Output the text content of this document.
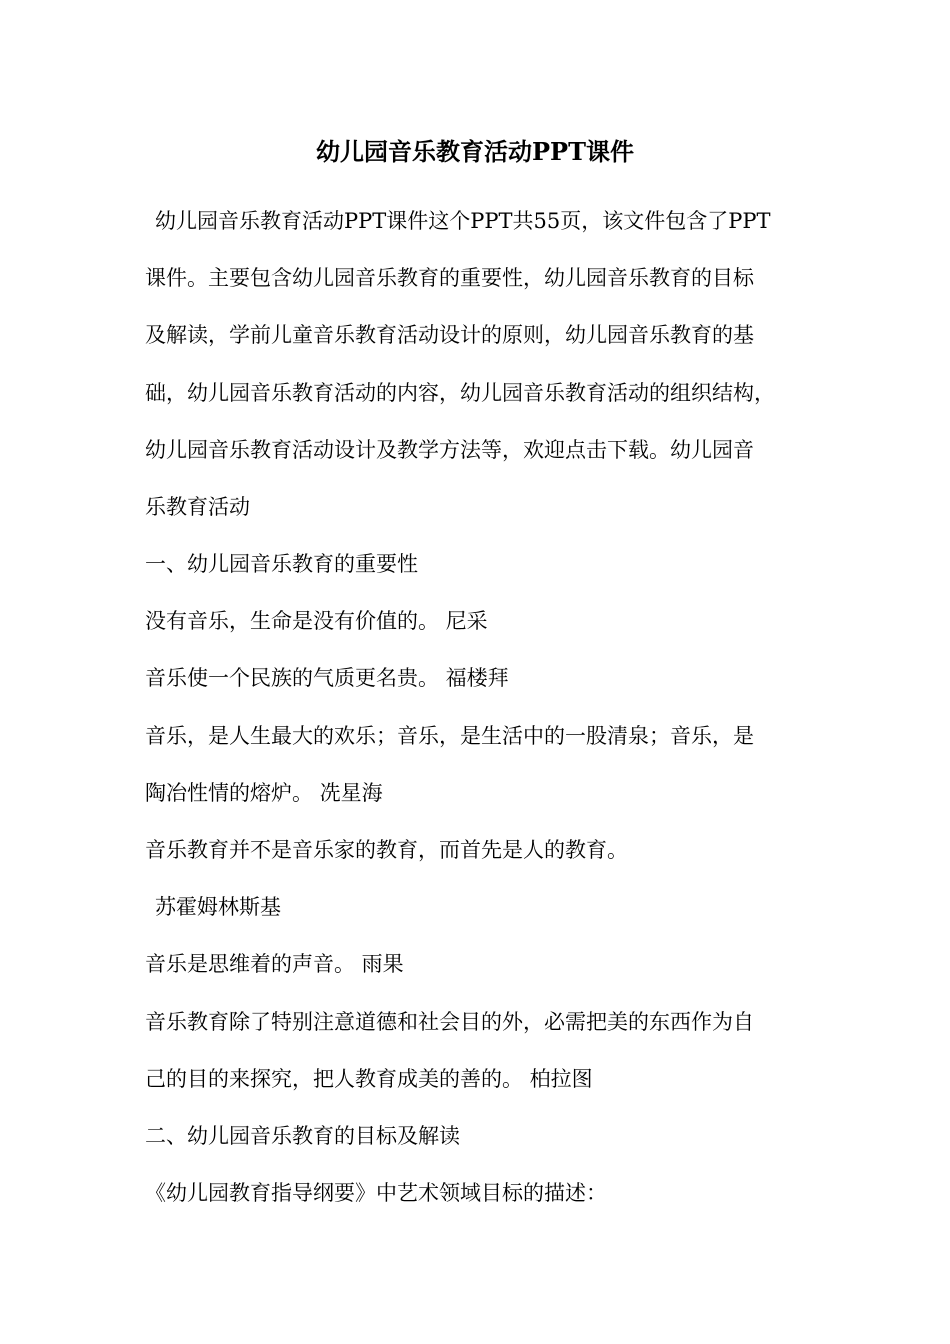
幼儿园音乐教育活动PPT课件
幼儿园音乐教育活动PPT课件这个PPT共55页，该文件包含了PPT
课件。主要包含幼儿园音乐教育的重要性，幼儿园音乐教育的目标
及解读，学前儿童音乐教育活动设计的原则，幼儿园音乐教育的基
础，幼儿园音乐教育活动的内容，幼儿园音乐教育活动的组织结构，
幼儿园音乐教育活动设计及教学方法等，欢迎点击下载。幼儿园音
乐教育活动
一、幼儿园音乐教育的重要性
没有音乐，生命是没有价值的。 尼采
音乐使一个民族的气质更名贵。 福楼拜
音乐，是人生最大的欢乐；音乐，是生活中的一股清泉；音乐，是
陶冶性情的熔炉。 冼星海
音乐教育并不是音乐家的教育，而首先是人的教育。
苏霍姆林斯基
音乐是思维着的声音。 雨果
音乐教育除了特别注意道德和社会目的外，必需把美的东西作为自
己的目的来探究，把人教育成美的善的。 柏拉图
二、幼儿园音乐教育的目标及解读
《幼儿园教育指导纲要》中艺术领域目标的描述：
